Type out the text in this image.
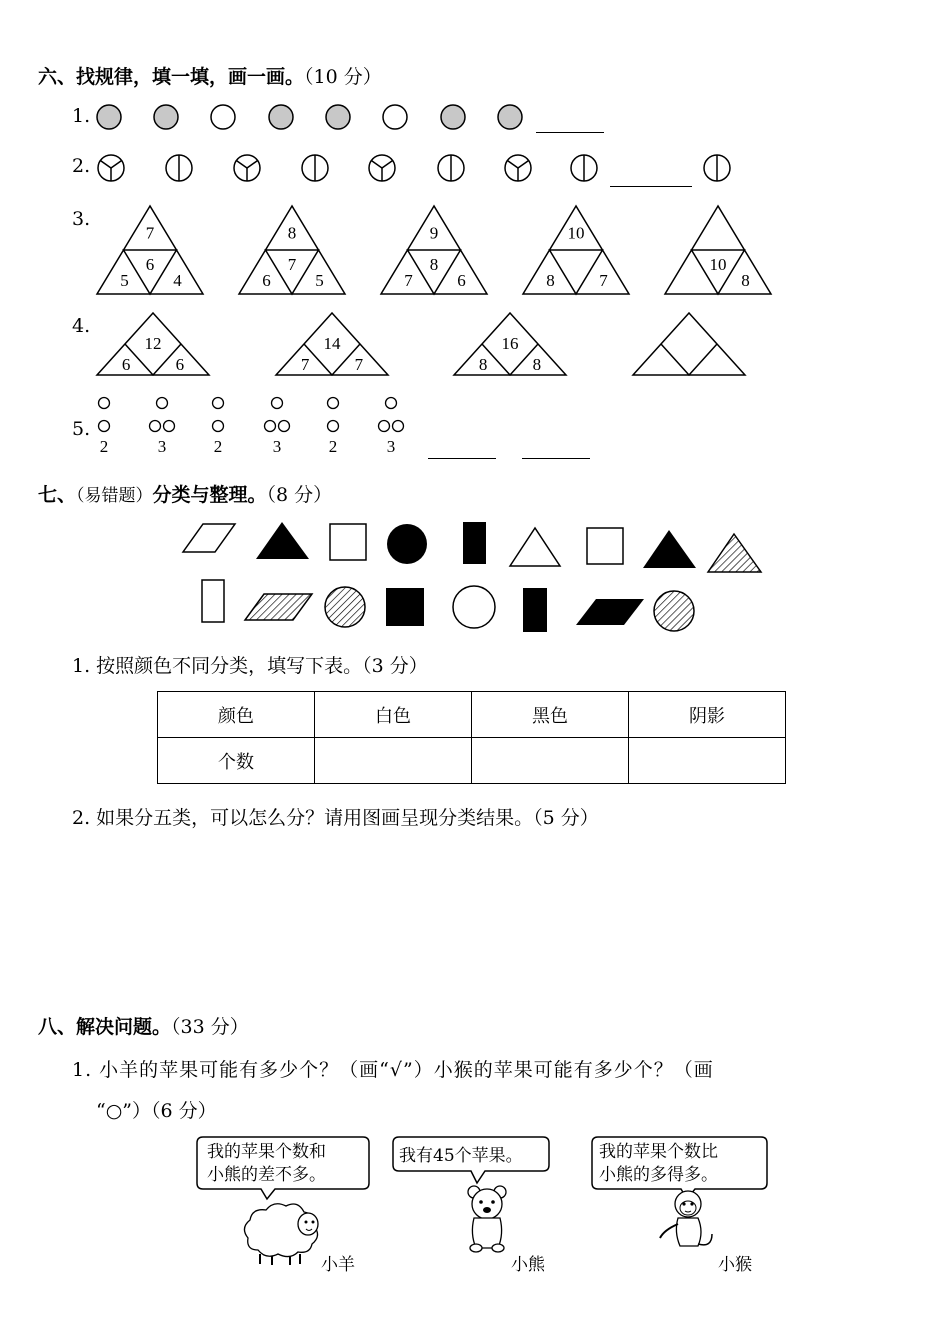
六、找规律，填一填，画一画。（10 分）
1.
2.
3.
7
5
6
4
8
6
7
5
9
7
8
6
10
8	7
10
8
4.
12
6	6
14
7	7
16
8	8
5.
2	3	2	3	2	3
七、（易错题）分类与整理。（8 分）
1. 按照颜色不同分类，填写下表。（3 分）
颜色	白色	黑色	阴影
个数			
2. 如果分五类，可以怎么分？请用图画呈现分类结果。（5 分）
八、解决问题。（33 分）
1. 小羊的苹果可能有多少个？（画“√”）小猴的苹果可能有多少个？（画
“○”）（6 分）
我的苹果个数和
小熊的差不多。
我有45个苹果。	我的苹果个数比
小熊的多得多。
小羊	小熊	小猴
